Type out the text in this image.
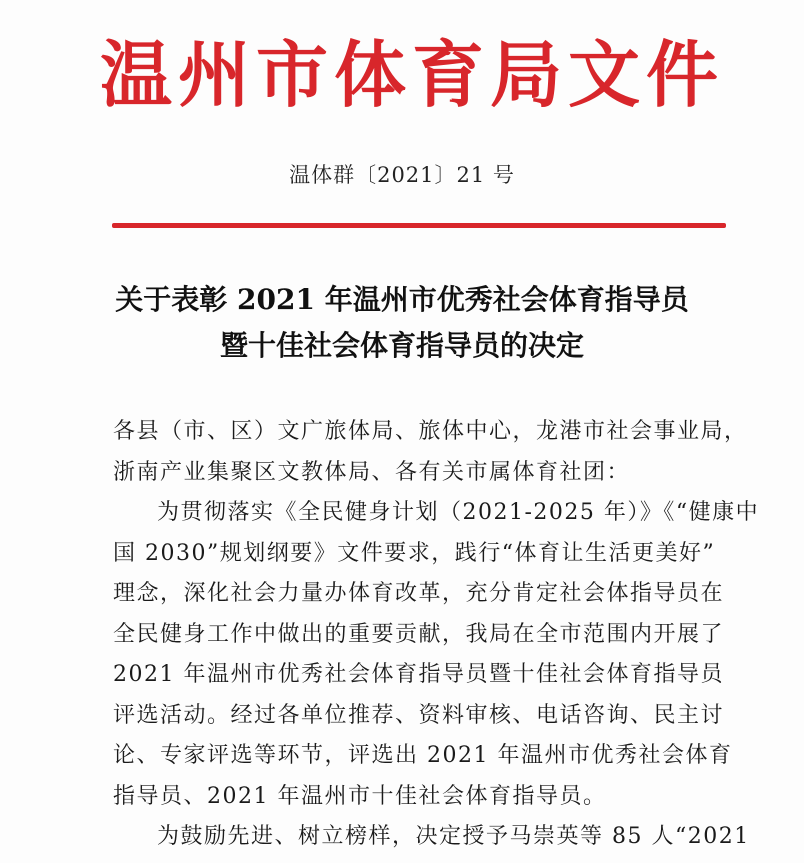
温州市体育局文件
温体群〔2021〕21 号
关于表彰 2021 年温州市优秀社会体育指导员
暨十佳社会体育指导员的决定
各县（市、区）文广旅体局、旅体中心，龙港市社会事业局，
浙南产业集聚区文教体局、各有关市属体育社团：
为贯彻落实《全民健身计划（2021-2025 年）》《“健康中
国 2030”规划纲要》文件要求，践行“体育让生活更美好”
理念，深化社会力量办体育改革，充分肯定社会体指导员在
全民健身工作中做出的重要贡献，我局在全市范围内开展了
2021 年温州市优秀社会体育指导员暨十佳社会体育指导员
评选活动。经过各单位推荐、资料审核、电话咨询、民主讨
论、专家评选等环节，评选出 2021 年温州市优秀社会体育
指导员、2021 年温州市十佳社会体育指导员。
为鼓励先进、树立榜样，决定授予马崇英等 85 人“2021
